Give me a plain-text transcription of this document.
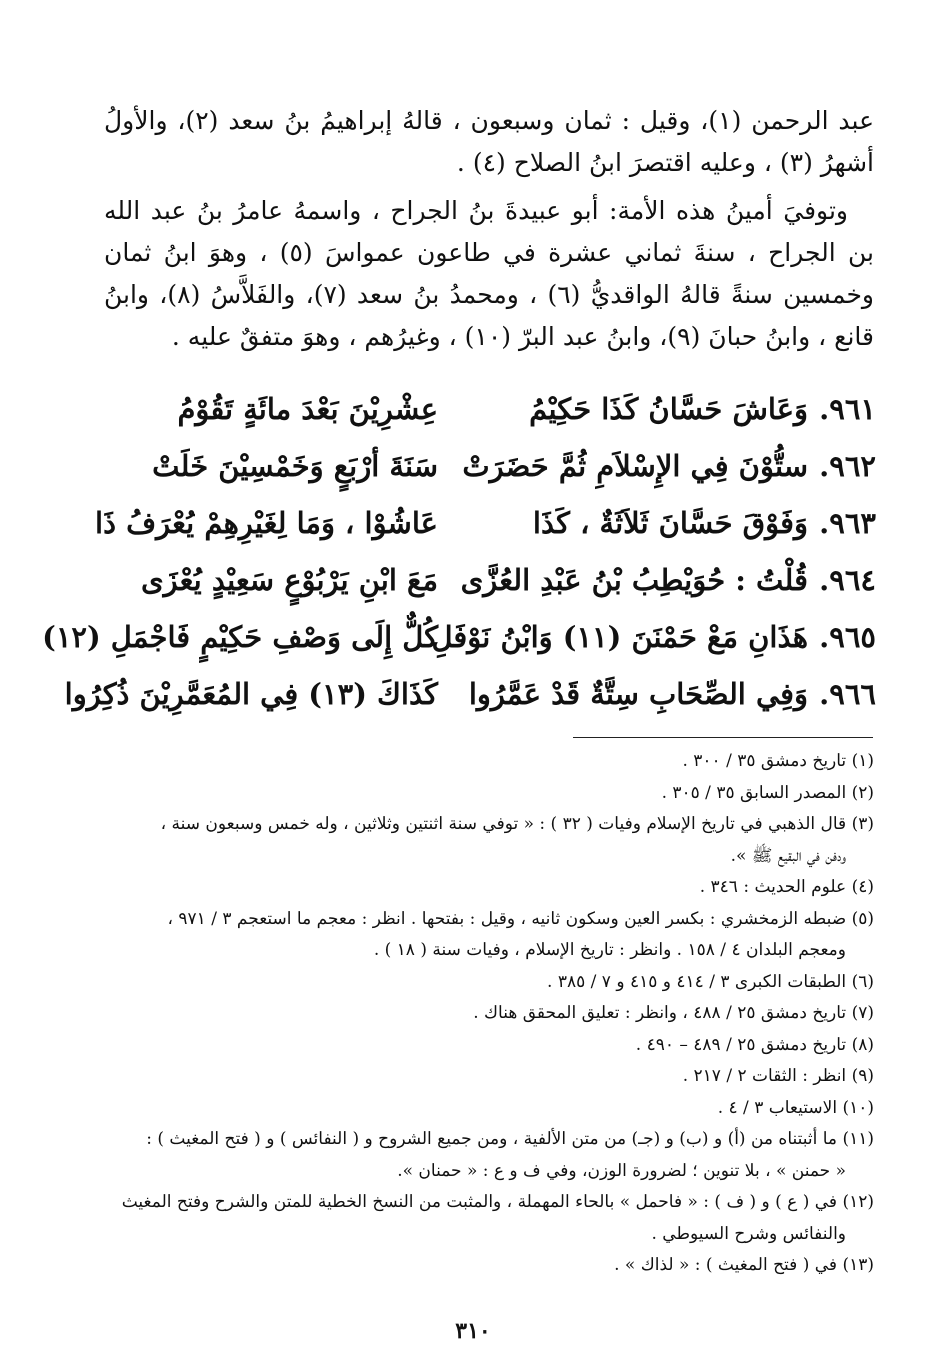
عبد الرحمن (١)، وقيل : ثمان وسبعون ، قالهُ إبراهيمُ بنُ سعد (٢)، والأولُ أشهرُ (٣) ، وعليه اقتصرَ ابنُ الصلاح (٤) .

وتوفيَ أمينُ هذه الأمة: أبو عبيدةَ بنُ الجراح ، واسمهُ عامرُ بنُ عبد الله بن الجراح ، سنةَ ثماني عشرة في طاعون عمواسَ (٥) ، وهوَ ابنُ ثمان وخمسين سنةً قالهُ الواقديُّ (٦) ، ومحمدُ بنُ سعد (٧)، والفَلاَّسُ (٨)، وابنُ قانع ، وابنُ حبانَ (٩)، وابنُ عبد البرّ (١٠) ، وغيرُهم ، وهوَ متفقٌ عليه .

٩٦١.
وَعَاشَ حَسَّانُ كَذَا حَكِيْمُ
عِشْرِيْنَ بَعْدَ مائَةٍ تَقُوْمُ
٩٦٢.
ستُّوْنَ فِي الإِسْلاَمِ ثُمَّ حَضَرَتْ
سَنَةَ أرْبَعٍ وَخَمْسِيْنَ خَلَتْ
٩٦٣.
وَفَوْقَ حَسَّانَ ثَلاَثَةٌ ، كَذَا
عَاشُوْا ، وَمَا لِغَيْرِهِمْ يُعْرَفُ ذَا
٩٦٤.
قُلْتُ : حُوَيْطِبُ بْنُ عَبْدِ العُزَّى
مَعَ ابْنِ يَرْبُوْعٍ سَعِيْدٍ يُعْزَى
٩٦٥.
هَذَانِ مَعْ حَمْنَنَ (١١) وَابْنُ نَوْفَلِ
كُلٌّ إِلَى وَصْفِ حَكِيْمٍ فَاجْمَلِ (١٢)
٩٦٦.
وَفِي الصِّحَابِ سِتَّةٌ قَدْ عَمَّرُوا
كَذَاكَ (١٣) فِي المُعَمَّرِيْنَ ذُكِرُوا
(١) تاريخ دمشق ٣٥ / ٣٠٠ .
(٢) المصدر السابق ٣٥ / ٣٠٥ .
(٣) قال الذهبي في تاريخ الإسلام وفيات ( ٣٢ ) : « توفي سنة اثنتين وثلاثين ، وله خمس وسبعون سنة ،
ودفن في البقيع ﷺ ».
(٤) علوم الحديث : ٣٤٦ .
(٥) ضبطه الزمخشري : بكسر العين وسكون ثانيه ، وقيل : بفتحها . انظر : معجم ما استعجم ٣ / ٩٧١ ،
ومعجم البلدان ٤ / ١٥٨ . وانظر : تاريخ الإسلام ، وفيات سنة ( ١٨ ) .
(٦) الطبقات الكبرى ٣ / ٤١٤ و ٤١٥ و ٧ / ٣٨٥ .
(٧) تاريخ دمشق ٢٥ / ٤٨٨ ، وانظر : تعليق المحقق هناك .
(٨) تاريخ دمشق ٢٥ / ٤٨٩ – ٤٩٠ .
(٩) انظر : الثقات ٢ / ٢١٧ .
(١٠) الاستيعاب ٣ / ٤ .
(١١) ما أثبتناه من (أ) و (ب) و (جـ) من متن الألفية ، ومن جميع الشروح و ( النفائس ) و ( فتح المغيث ) :
« حمنن » ، بلا تنوين ؛ لضرورة الوزن، وفي ف و ع : « حمنان ».
(١٢) في ( ع ) و ( ف ) : « فاحمل » بالحاء المهملة ، والمثبت من النسخ الخطية للمتن والشرح وفتح المغيث
والنفائس وشرح السيوطي .
(١٣) في ( فتح المغيث ) : « لذاك » .
٣١٠
